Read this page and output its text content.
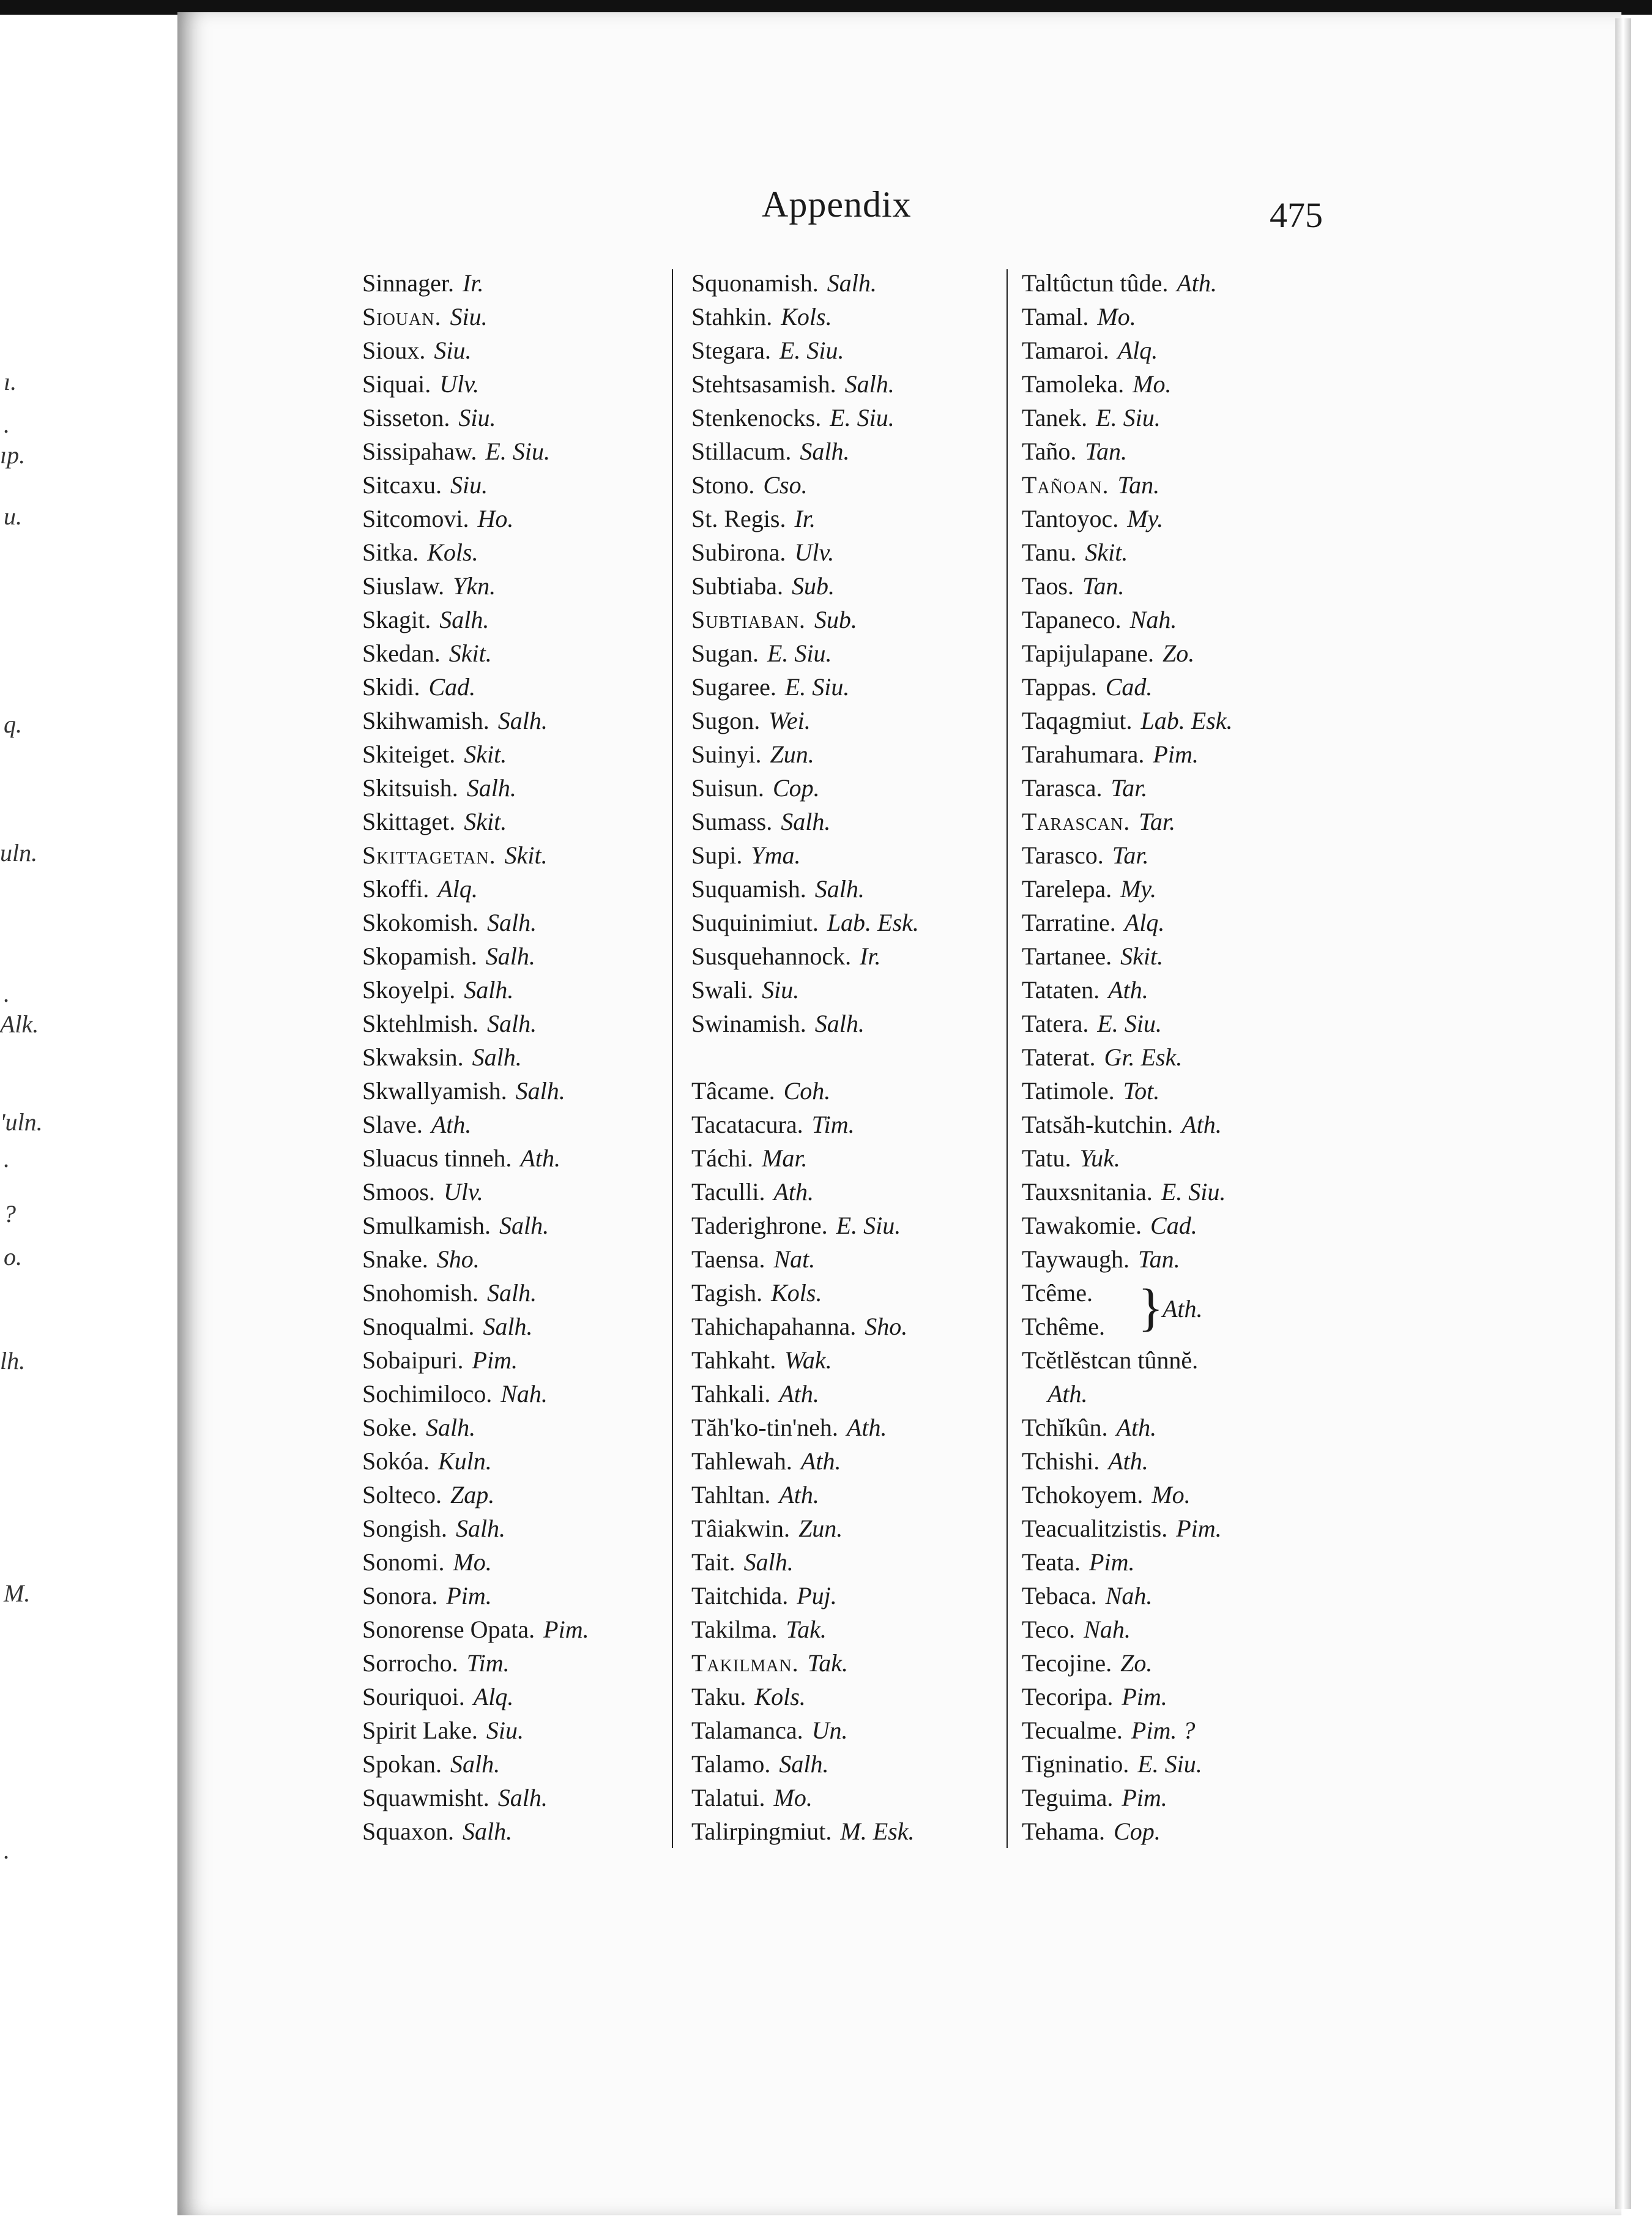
ı.
.
ıp.
u.
q.
uln.
.
Alk.
'uln.
.
?
o.
lh.
M.
.
Appendix	475
Sinnager. Ir.
Siouan. Siu.
Sioux. Siu.
Siquai. Ulv.
Sisseton. Siu.
Sissipahaw. E. Siu.
Sitcaxu. Siu.
Sitcomovi. Ho.
Sitka. Kols.
Siuslaw. Ykn.
Skagit. Salh.
Skedan. Skit.
Skidi. Cad.
Skihwamish. Salh.
Skiteiget. Skit.
Skitsuish. Salh.
Skittaget. Skit.
Skittagetan. Skit.
Skoffi. Alq.
Skokomish. Salh.
Skopamish. Salh.
Skoyelpi. Salh.
Sktehlmish. Salh.
Skwaksin. Salh.
Skwallyamish. Salh.
Slave. Ath.
Sluacus tinneh. Ath.
Smoos. Ulv.
Smulkamish. Salh.
Snake. Sho.
Snohomish. Salh.
Snoqualmi. Salh.
Sobaipuri. Pim.
Sochimiloco. Nah.
Soke. Salh.
Sokóa. Kuln.
Solteco. Zap.
Songish. Salh.
Sonomi. Mo.
Sonora. Pim.
Sonorense Opata. Pim.
Sorrocho. Tim.
Souriquoi. Alq.
Spirit Lake. Siu.
Spokan. Salh.
Squawmisht. Salh.
Squaxon. Salh.
Squonamish. Salh.
Stahkin. Kols.
Stegara. E. Siu.
Stehtsasamish. Salh.
Stenkenocks. E. Siu.
Stillacum. Salh.
Stono. Cso.
St. Regis. Ir.
Subirona. Ulv.
Subtiaba. Sub.
Subtiaban. Sub.
Sugan. E. Siu.
Sugaree. E. Siu.
Sugon. Wei.
Suinyi. Zun.
Suisun. Cop.
Sumass. Salh.
Supi. Yma.
Suquamish. Salh.
Suquinimiut. Lab. Esk.
Susquehannock. Ir.
Swali. Siu.
Swinamish. Salh.
Tâcame. Coh.
Tacatacura. Tim.
Táchi. Mar.
Taculli. Ath.
Taderighrone. E. Siu.
Taensa. Nat.
Tagish. Kols.
Tahichapahanna. Sho.
Tahkaht. Wak.
Tahkali. Ath.
Tăh'ko-tin'neh. Ath.
Tahlewah. Ath.
Tahltan. Ath.
Tâiakwin. Zun.
Tait. Salh.
Taitchida. Puj.
Takilma. Tak.
Takilman. Tak.
Taku. Kols.
Talamanca. Un.
Talamo. Salh.
Talatui. Mo.
Talirpingmiut. M. Esk.
Taltûctun tûde. Ath.
Tamal. Mo.
Tamaroi. Alq.
Tamoleka. Mo.
Tanek. E. Siu.
Taño. Tan.
Tañoan. Tan.
Tantoyoc. My.
Tanu. Skit.
Taos. Tan.
Tapaneco. Nah.
Tapijulapane. Zo.
Tappas. Cad.
Taqagmiut. Lab. Esk.
Tarahumara. Pim.
Tarasca. Tar.
Tarascan. Tar.
Tarasco. Tar.
Tarelepa. My.
Tarratine. Alq.
Tartanee. Skit.
Tataten. Ath.
Tatera. E. Siu.
Taterat. Gr. Esk.
Tatimole. Tot.
Tatsăh-kutchin. Ath.
Tatu. Yuk.
Tauxsnitania. E. Siu.
Tawakomie. Cad.
Taywaugh. Tan.
Tcême.
Tchême. }
Ath.
Tcĕtlĕstcan tûnnĕ.
Ath.
Tchĭkûn. Ath.
Tchishi. Ath.
Tchokoyem. Mo.
Teacualitzistis. Pim.
Teata. Pim.
Tebaca. Nah.
Teco. Nah.
Tecojine. Zo.
Tecoripa. Pim.
Tecualme. Pim. ?
Tigninatio. E. Siu.
Teguima. Pim.
Tehama. Cop.
